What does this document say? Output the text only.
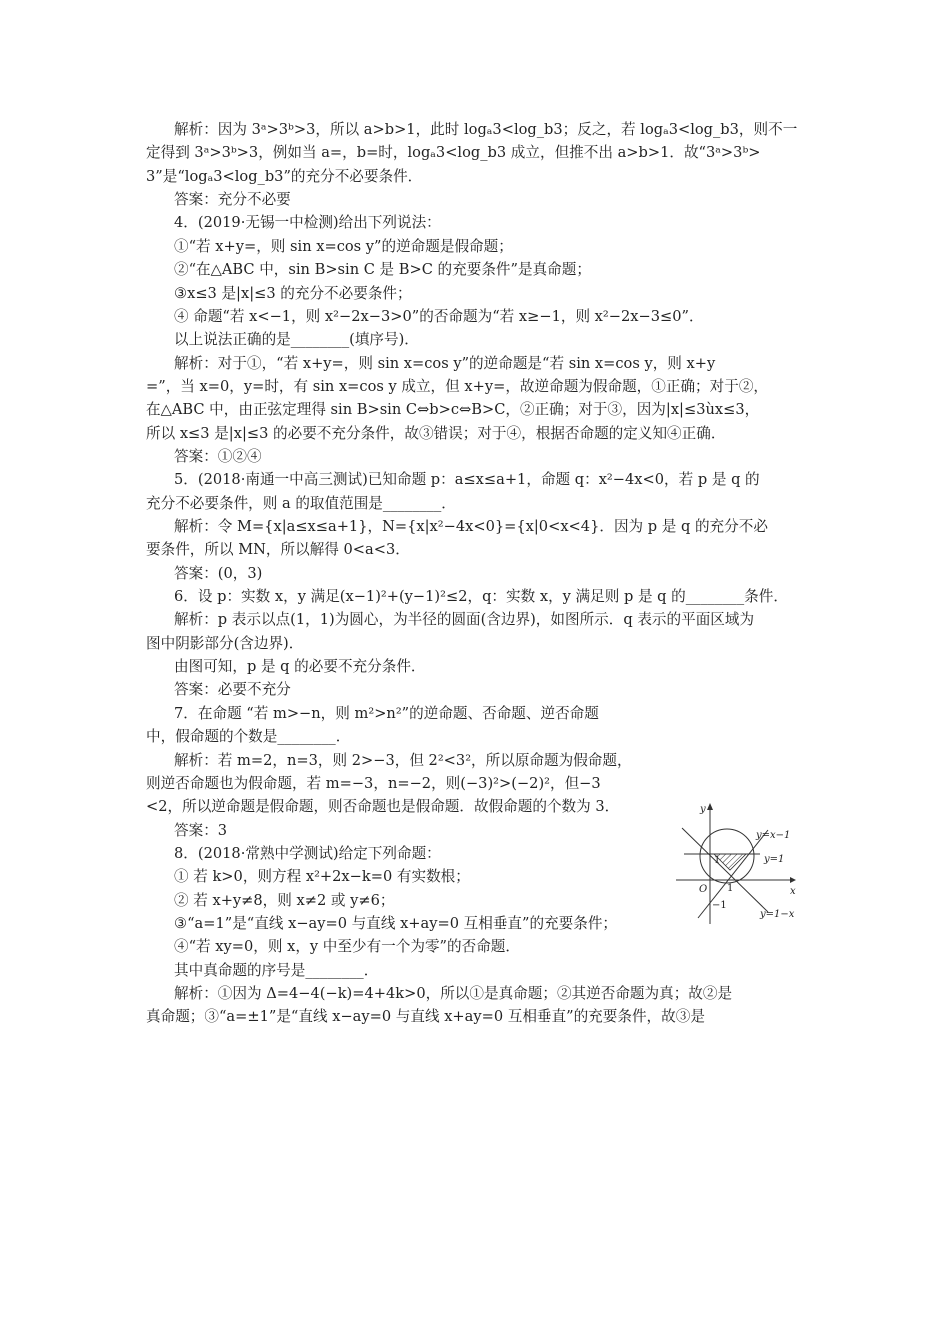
y
x
O
1
1
−1
y=x−1
y=1
y=1−x
解析：因为 3ᵃ>3ᵇ>3，所以 a>b>1，此时 logₐ3<log_b3；反之，若 logₐ3<log_b3，则不一
定得到 3ᵃ>3ᵇ>3，例如当 a=，b=时，logₐ3<log_b3 成立，但推不出 a>b>1．故“3ᵃ>3ᵇ>
3”是“logₐ3<log_b3”的充分不必要条件．
答案：充分不必要
4．(2019·无锡一中检测)给出下列说法：
①“若 x+y=，则 sin x=cos y”的逆命题是假命题；
②“在△ABC 中，sin B>sin C 是 B>C 的充要条件”是真命题；
③x≤3 是|x|≤3 的充分不必要条件；
④ 命题“若 x<−1，则 x²−2x−3>0”的否命题为“若 x≥−1，则 x²−2x−3≤0”．
以上说法正确的是________(填序号)．
解析：对于①，“若 x+y=，则 sin x=cos y”的逆命题是“若 sin x=cos y，则 x+y
=”，当 x=0，y=时，有 sin x=cos y 成立，但 x+y=，故逆命题为假命题，①正确；对于②，
在△ABC 中，由正弦定理得 sin B>sin C⇔b>c⇔B>C，②正确；对于③，因为|x|≤3ùx≤3，
所以 x≤3 是|x|≤3 的必要不充分条件，故③错误；对于④，根据否命题的定义知④正确．
答案：①②④
5．(2018·南通一中高三测试)已知命题 p：a≤x≤a+1，命题 q：x²−4x<0，若 p 是 q 的
充分不必要条件，则 a 的取值范围是________．
解析：令 M={x|a≤x≤a+1}，N={x|x²−4x<0}={x|0<x<4}．因为 p 是 q 的充分不必
要条件，所以 MN，所以解得 0<a<3．
答案：(0，3)
6．设 p：实数 x，y 满足(x−1)²+(y−1)²≤2，q：实数 x，y 满足则 p 是 q 的________条件．
解析：p 表示以点(1，1)为圆心，为半径的圆面(含边界)，如图所示．q 表示的平面区域为
图中阴影部分(含边界)．
由图可知，p 是 q 的必要不充分条件．
答案：必要不充分
7．在命题 “若 m>−n，则 m²>n²”的逆命题、否命题、逆否命题
中，假命题的个数是________．
解析：若 m=2，n=3，则 2>−3，但 2²<3²，所以原命题为假命题，
则逆否命题也为假命题，若 m=−3，n=−2，则(−3)²>(−2)²，但−3
<2，所以逆命题是假命题，则否命题也是假命题．故假命题的个数为 3．
答案：3
8．(2018·常熟中学测试)给定下列命题：
① 若 k>0，则方程 x²+2x−k=0 有实数根；
② 若 x+y≠8，则 x≠2 或 y≠6；
③“a=1”是“直线 x−ay=0 与直线 x+ay=0 互相垂直”的充要条件；
④“若 xy=0，则 x，y 中至少有一个为零”的否命题．
其中真命题的序号是________．
解析：①因为 Δ=4−4(−k)=4+4k>0，所以①是真命题；②其逆否命题为真；故②是
真命题；③“a=±1”是“直线 x−ay=0 与直线 x+ay=0 互相垂直”的充要条件，故③是
